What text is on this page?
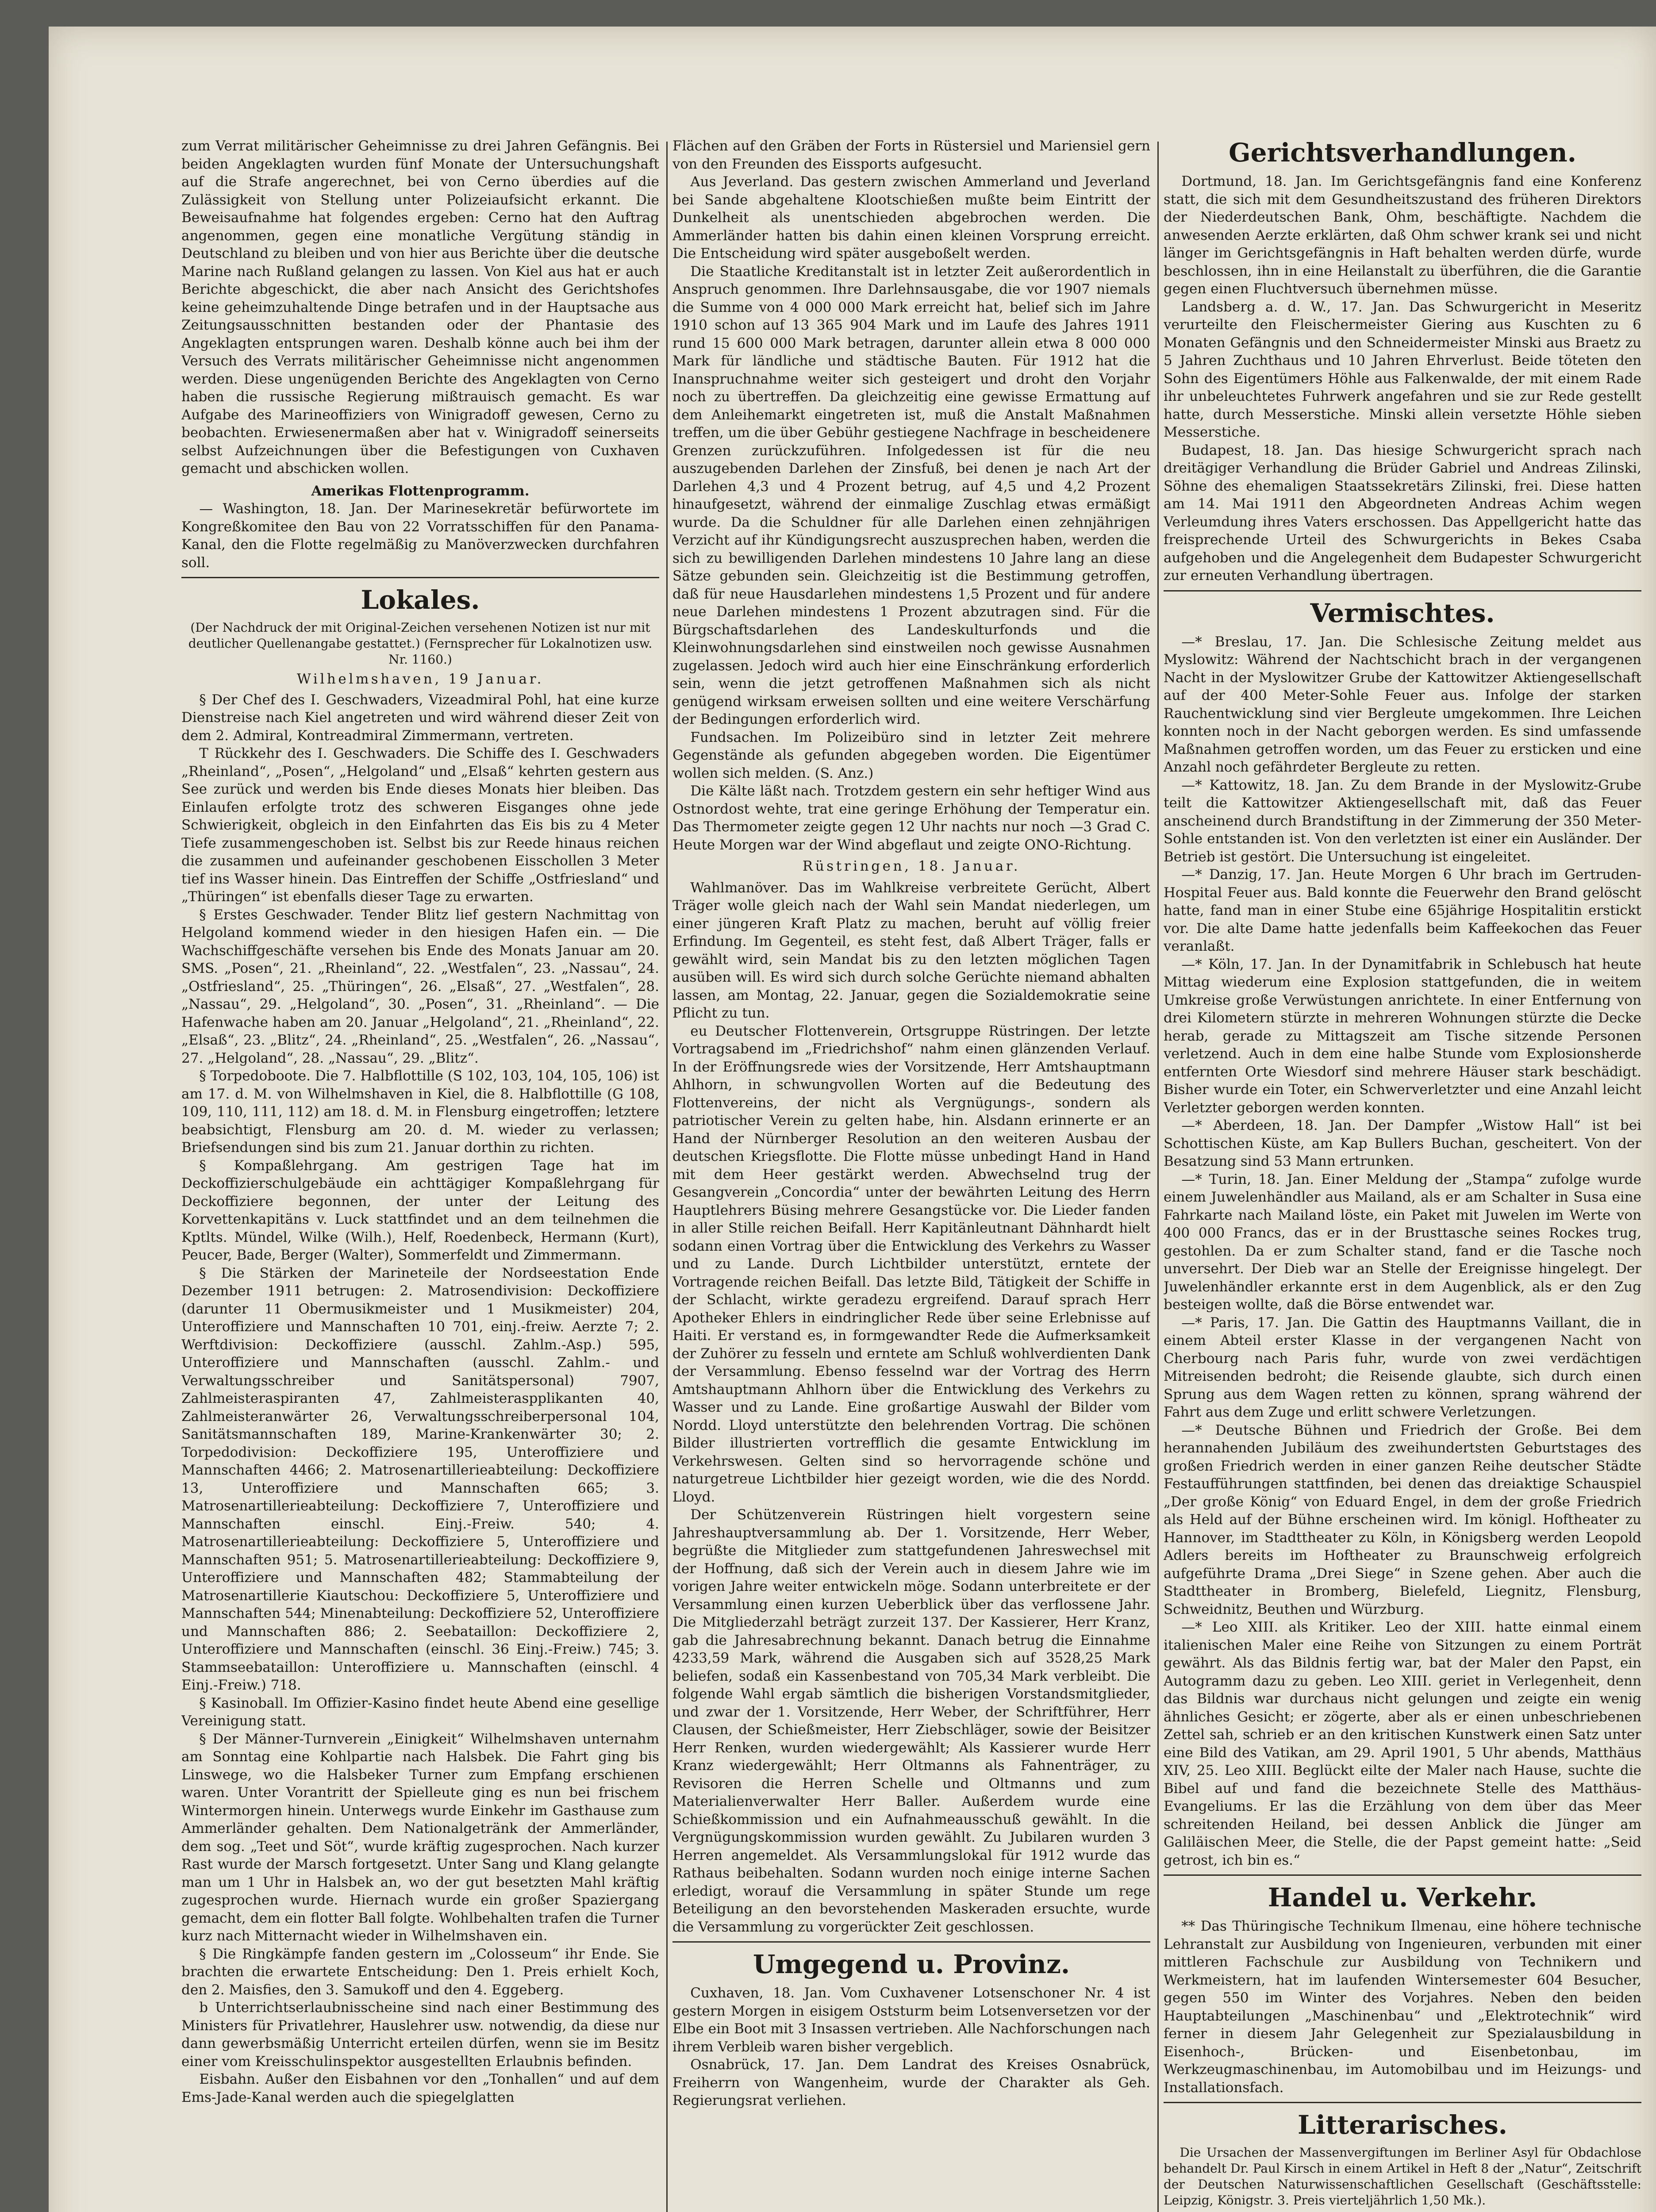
zum Verrat militärischer Geheimnisse zu drei Jahren Gefängnis. Bei beiden Angeklagten wurden fünf Monate der Untersuchungshaft auf die Strafe angerechnet, bei von Cerno überdies auf die Zulässigkeit von Stellung unter Polizeiaufsicht erkannt. Die Beweisaufnahme hat folgendes ergeben: Cerno hat den Auftrag angenommen, gegen eine monatliche Vergütung ständig in Deutschland zu bleiben und von hier aus Berichte über die deutsche Marine nach Rußland gelangen zu lassen. Von Kiel aus hat er auch Berichte abgeschickt, die aber nach Ansicht des Gerichtshofes keine geheimzuhaltende Dinge betrafen und in der Hauptsache aus Zeitungsausschnitten bestanden oder der Phantasie des Angeklagten entsprungen waren. Deshalb könne auch bei ihm der Versuch des Verrats militärischer Geheimnisse nicht angenommen werden. Diese ungenügenden Berichte des Angeklagten von Cerno haben die russische Regierung mißtrauisch gemacht. Es war Aufgabe des Marineoffiziers von Winigradoff gewesen, Cerno zu beobachten. Erwiesenermaßen aber hat v. Winigradoff seinerseits selbst Aufzeichnungen über die Befestigungen von Cuxhaven gemacht und abschicken wollen.

Amerikas Flottenprogramm.

— Washington, 18. Jan. Der Marinesekretär befürwortete im Kongreßkomitee den Bau von 22 Vorratsschiffen für den Panama-Kanal, den die Flotte regelmäßig zu Manöverzwecken durchfahren soll.

Lokales.

(Der Nachdruck der mit Original-Zeichen versehenen Notizen ist nur mit deutlicher Quellenangabe gestattet.) (Fernsprecher für Lokalnotizen usw. Nr. 1160.)

Wilhelmshaven, 19 Januar.

§ Der Chef des I. Geschwaders, Vizeadmiral Pohl, hat eine kurze Dienstreise nach Kiel angetreten und wird während dieser Zeit von dem 2. Admiral, Kontreadmiral Zimmermann, vertreten.

T Rückkehr des I. Geschwaders. Die Schiffe des I. Geschwaders „Rheinland“, „Posen“, „Helgoland“ und „Elsaß“ kehrten gestern aus See zurück und werden bis Ende dieses Monats hier bleiben. Das Einlaufen erfolgte trotz des schweren Eisganges ohne jede Schwierigkeit, obgleich in den Einfahrten das Eis bis zu 4 Meter Tiefe zusammengeschoben ist. Selbst bis zur Reede hinaus reichen die zusammen und aufeinander geschobenen Eisschollen 3 Meter tief ins Wasser hinein. Das Eintreffen der Schiffe „Ostfriesland“ und „Thüringen“ ist ebenfalls dieser Tage zu erwarten.

§ Erstes Geschwader. Tender Blitz lief gestern Nachmittag von Helgoland kommend wieder in den hiesigen Hafen ein. — Die Wachschiffgeschäfte versehen bis Ende des Monats Januar am 20. SMS. „Posen“, 21. „Rheinland“, 22. „Westfalen“, 23. „Nassau“, 24. „Ostfriesland“, 25. „Thüringen“, 26. „Elsaß“, 27. „Westfalen“, 28. „Nassau“, 29. „Helgoland“, 30. „Posen“, 31. „Rheinland“. — Die Hafenwache haben am 20. Januar „Helgoland“, 21. „Rheinland“, 22. „Elsaß“, 23. „Blitz“, 24. „Rheinland“, 25. „Westfalen“, 26. „Nassau“, 27. „Helgoland“, 28. „Nassau“, 29. „Blitz“.

§ Torpedoboote. Die 7. Halbflottille (S 102, 103, 104, 105, 106) ist am 17. d. M. von Wilhelmshaven in Kiel, die 8. Halbflottille (G 108, 109, 110, 111, 112) am 18. d. M. in Flensburg eingetroffen; letztere beabsichtigt, Flensburg am 20. d. M. wieder zu verlassen; Briefsendungen sind bis zum 21. Januar dorthin zu richten.

§ Kompaßlehrgang. Am gestrigen Tage hat im Deckoffizierschulgebäude ein achttägiger Kompaßlehrgang für Deckoffiziere begonnen, der unter der Leitung des Korvettenkapitäns v. Luck stattfindet und an dem teilnehmen die Kptlts. Mündel, Wilke (Wilh.), Helf, Roedenbeck, Hermann (Kurt), Peucer, Bade, Berger (Walter), Sommerfeldt und Zimmermann.

§ Die Stärken der Marineteile der Nordseestation Ende Dezember 1911 betrugen: 2. Matrosendivision: Deckoffiziere (darunter 11 Obermusikmeister und 1 Musikmeister) 204, Unteroffiziere und Mannschaften 10 701, einj.-freiw. Aerzte 7; 2. Werftdivision: Deckoffiziere (ausschl. Zahlm.-Asp.) 595, Unteroffiziere und Mannschaften (ausschl. Zahlm.- und Verwaltungsschreiber und Sanitätspersonal) 7907, Zahlmeisteraspiranten 47, Zahlmeisteraspplikanten 40, Zahlmeisteranwärter 26, Verwaltungsschreiberpersonal 104, Sanitätsmannschaften 189, Marine-Krankenwärter 30; 2. Torpedodivision: Deckoffiziere 195, Unteroffiziere und Mannschaften 4466; 2. Matrosenartillerieabteilung: Deckoffiziere 13, Unteroffiziere und Mannschaften 665; 3. Matrosenartillerieabteilung: Deckoffiziere 7, Unteroffiziere und Mannschaften einschl. Einj.-Freiw. 540; 4. Matrosenartillerieabteilung: Deckoffiziere 5, Unteroffiziere und Mannschaften 951; 5. Matrosenartillerieabteilung: Deckoffiziere 9, Unteroffiziere und Mannschaften 482; Stammabteilung der Matrosenartillerie Kiautschou: Deckoffiziere 5, Unteroffiziere und Mannschaften 544; Minenabteilung: Deckoffiziere 52, Unteroffiziere und Mannschaften 886; 2. Seebataillon: Deckoffiziere 2, Unteroffiziere und Mannschaften (einschl. 36 Einj.-Freiw.) 745; 3. Stammseebataillon: Unteroffiziere u. Mannschaften (einschl. 4 Einj.-Freiw.) 718.

§ Kasinoball. Im Offizier-Kasino findet heute Abend eine gesellige Vereinigung statt.

§ Der Männer-Turnverein „Einigkeit“ Wilhelmshaven unternahm am Sonntag eine Kohlpartie nach Halsbek. Die Fahrt ging bis Linswege, wo die Halsbeker Turner zum Empfang erschienen waren. Unter Vorantritt der Spielleute ging es nun bei frischem Wintermorgen hinein. Unterwegs wurde Einkehr im Gasthause zum Ammerländer gehalten. Dem Nationalgetränk der Ammerländer, dem sog. „Teet und Söt“, wurde kräftig zugesprochen. Nach kurzer Rast wurde der Marsch fortgesetzt. Unter Sang und Klang gelangte man um 1 Uhr in Halsbek an, wo der gut besetzten Mahl kräftig zugesprochen wurde. Hiernach wurde ein großer Spaziergang gemacht, dem ein flotter Ball folgte. Wohlbehalten trafen die Turner kurz nach Mitternacht wieder in Wilhelmshaven ein.

§ Die Ringkämpfe fanden gestern im „Colosseum“ ihr Ende. Sie brachten die erwartete Entscheidung: Den 1. Preis erhielt Koch, den 2. Maisfies, den 3. Samukoff und den 4. Eggeberg.

b Unterrichtserlaubnisscheine sind nach einer Bestimmung des Ministers für Privatlehrer, Hauslehrer usw. notwendig, da diese nur dann gewerbsmäßig Unterricht erteilen dürfen, wenn sie im Besitz einer vom Kreisschulinspektor ausgestellten Erlaubnis befinden.

Eisbahn. Außer den Eisbahnen vor den „Tonhallen“ und auf dem Ems-Jade-Kanal werden auch die spiegelglatten

Flächen auf den Gräben der Forts in Rüstersiel und Mariensiel gern von den Freunden des Eissports aufgesucht.

Aus Jeverland. Das gestern zwischen Ammerland und Jeverland bei Sande abgehaltene Klootschießen mußte beim Eintritt der Dunkelheit als unentschieden abgebrochen werden. Die Ammerländer hatten bis dahin einen kleinen Vorsprung erreicht. Die Entscheidung wird später ausgeboßelt werden.

Die Staatliche Kreditanstalt ist in letzter Zeit außerordentlich in Anspruch genommen. Ihre Darlehnsausgabe, die vor 1907 niemals die Summe von 4 000 000 Mark erreicht hat, belief sich im Jahre 1910 schon auf 13 365 904 Mark und im Laufe des Jahres 1911 rund 15 600 000 Mark betragen, darunter allein etwa 8 000 000 Mark für ländliche und städtische Bauten. Für 1912 hat die Inanspruchnahme weiter sich gesteigert und droht den Vorjahr noch zu übertreffen. Da gleichzeitig eine gewisse Ermattung auf dem Anleihemarkt eingetreten ist, muß die Anstalt Maßnahmen treffen, um die über Gebühr gestiegene Nachfrage in bescheidenere Grenzen zurückzuführen. Infolgedessen ist für die neu auszugebenden Darlehen der Zinsfuß, bei denen je nach Art der Darlehen 4,3 und 4 Prozent betrug, auf 4,5 und 4,2 Prozent hinaufgesetzt, während der einmalige Zuschlag etwas ermäßigt wurde. Da die Schuldner für alle Darlehen einen zehnjährigen Verzicht auf ihr Kündigungsrecht auszusprechen haben, werden die sich zu bewilligenden Darlehen mindestens 10 Jahre lang an diese Sätze gebunden sein. Gleichzeitig ist die Bestimmung getroffen, daß für neue Hausdarlehen mindestens 1,5 Prozent und für andere neue Darlehen mindestens 1 Prozent abzutragen sind. Für die Bürgschaftsdarlehen des Landeskulturfonds und die Kleinwohnungsdarlehen sind einstweilen noch gewisse Ausnahmen zugelassen. Jedoch wird auch hier eine Einschränkung erforderlich sein, wenn die jetzt getroffenen Maßnahmen sich als nicht genügend wirksam erweisen sollten und eine weitere Verschärfung der Bedingungen erforderlich wird.

Fundsachen. Im Polizeibüro sind in letzter Zeit mehrere Gegenstände als gefunden abgegeben worden. Die Eigentümer wollen sich melden. (S. Anz.)

Die Kälte läßt nach. Trotzdem gestern ein sehr heftiger Wind aus Ostnordost wehte, trat eine geringe Erhöhung der Temperatur ein. Das Thermometer zeigte gegen 12 Uhr nachts nur noch —3 Grad C. Heute Morgen war der Wind abgeflaut und zeigte ONO-Richtung.

Rüstringen, 18. Januar.

Wahlmanöver. Das im Wahlkreise verbreitete Gerücht, Albert Träger wolle gleich nach der Wahl sein Mandat niederlegen, um einer jüngeren Kraft Platz zu machen, beruht auf völlig freier Erfindung. Im Gegenteil, es steht fest, daß Albert Träger, falls er gewählt wird, sein Mandat bis zu den letzten möglichen Tagen ausüben will. Es wird sich durch solche Gerüchte niemand abhalten lassen, am Montag, 22. Januar, gegen die Sozialdemokratie seine Pflicht zu tun.

eu Deutscher Flottenverein, Ortsgruppe Rüstringen. Der letzte Vortragsabend im „Friedrichshof“ nahm einen glänzenden Verlauf. In der Eröffnungsrede wies der Vorsitzende, Herr Amtshauptmann Ahlhorn, in schwungvollen Worten auf die Bedeutung des Flottenvereins, der nicht als Vergnügungs-, sondern als patriotischer Verein zu gelten habe, hin. Alsdann erinnerte er an Hand der Nürnberger Resolution an den weiteren Ausbau der deutschen Kriegsflotte. Die Flotte müsse unbedingt Hand in Hand mit dem Heer gestärkt werden. Abwechselnd trug der Gesangverein „Concordia“ unter der bewährten Leitung des Herrn Hauptlehrers Büsing mehrere Gesangstücke vor. Die Lieder fanden in aller Stille reichen Beifall. Herr Kapitänleutnant Dähnhardt hielt sodann einen Vortrag über die Entwicklung des Verkehrs zu Wasser und zu Lande. Durch Lichtbilder unterstützt, erntete der Vortragende reichen Beifall. Das letzte Bild, Tätigkeit der Schiffe in der Schlacht, wirkte geradezu ergreifend. Darauf sprach Herr Apotheker Ehlers in eindringlicher Rede über seine Erlebnisse auf Haiti. Er verstand es, in formgewandter Rede die Aufmerksamkeit der Zuhörer zu fesseln und erntete am Schluß wohlverdienten Dank der Versammlung. Ebenso fesselnd war der Vortrag des Herrn Amtshauptmann Ahlhorn über die Entwicklung des Verkehrs zu Wasser und zu Lande. Eine großartige Auswahl der Bilder vom Nordd. Lloyd unterstützte den belehrenden Vortrag. Die schönen Bilder illustrierten vortrefflich die gesamte Entwicklung im Verkehrswesen. Gelten sind so hervorragende schöne und naturgetreue Lichtbilder hier gezeigt worden, wie die des Nordd. Lloyd.

Der Schützenverein Rüstringen hielt vorgestern seine Jahreshauptversammlung ab. Der 1. Vorsitzende, Herr Weber, begrüßte die Mitglieder zum stattgefundenen Jahreswechsel mit der Hoffnung, daß sich der Verein auch in diesem Jahre wie im vorigen Jahre weiter entwickeln möge. Sodann unterbreitete er der Versammlung einen kurzen Ueberblick über das verflossene Jahr. Die Mitgliederzahl beträgt zurzeit 137. Der Kassierer, Herr Kranz, gab die Jahresabrechnung bekannt. Danach betrug die Einnahme 4233,59 Mark, während die Ausgaben sich auf 3528,25 Mark beliefen, sodaß ein Kassenbestand von 705,34 Mark verbleibt. Die folgende Wahl ergab sämtlich die bisherigen Vorstandsmitglieder, und zwar der 1. Vorsitzende, Herr Weber, der Schriftführer, Herr Clausen, der Schießmeister, Herr Ziebschläger, sowie der Beisitzer Herr Renken, wurden wiedergewählt; Als Kassierer wurde Herr Kranz wiedergewählt; Herr Oltmanns als Fahnenträger, zu Revisoren die Herren Schelle und Oltmanns und zum Materialienverwalter Herr Baller. Außerdem wurde eine Schießkommission und ein Aufnahmeausschuß gewählt. In die Vergnügungskommission wurden gewählt. Zu Jubilaren wurden 3 Herren angemeldet. Als Versammlungslokal für 1912 wurde das Rathaus beibehalten. Sodann wurden noch einige interne Sachen erledigt, worauf die Versammlung in später Stunde um rege Beteiligung an den bevorstehenden Maskeraden ersuchte, wurde die Versammlung zu vorgerückter Zeit geschlossen.

Umgegend u. Provinz.

Cuxhaven, 18. Jan. Vom Cuxhavener Lotsenschoner Nr. 4 ist gestern Morgen in eisigem Oststurm beim Lotsenversetzen vor der Elbe ein Boot mit 3 Insassen vertrieben. Alle Nachforschungen nach ihrem Verbleib waren bisher vergeblich.

Osnabrück, 17. Jan. Dem Landrat des Kreises Osnabrück, Freiherrn von Wangenheim, wurde der Charakter als Geh. Regierungsrat verliehen.

Gerichtsverhandlungen.

Dortmund, 18. Jan. Im Gerichtsgefängnis fand eine Konferenz statt, die sich mit dem Gesundheitszustand des früheren Direktors der Niederdeutschen Bank, Ohm, beschäftigte. Nachdem die anwesenden Aerzte erklärten, daß Ohm schwer krank sei und nicht länger im Gerichtsgefängnis in Haft behalten werden dürfe, wurde beschlossen, ihn in eine Heilanstalt zu überführen, die die Garantie gegen einen Fluchtversuch übernehmen müsse.

Landsberg a. d. W., 17. Jan. Das Schwurgericht in Meseritz verurteilte den Fleischermeister Giering aus Kuschten zu 6 Monaten Gefängnis und den Schneidermeister Minski aus Braetz zu 5 Jahren Zuchthaus und 10 Jahren Ehrverlust. Beide töteten den Sohn des Eigentümers Höhle aus Falkenwalde, der mit einem Rade ihr unbeleuchtetes Fuhrwerk angefahren und sie zur Rede gestellt hatte, durch Messerstiche. Minski allein versetzte Höhle sieben Messerstiche.

Budapest, 18. Jan. Das hiesige Schwurgericht sprach nach dreitägiger Verhandlung die Brüder Gabriel und Andreas Zilinski, Söhne des ehemaligen Staatssekretärs Zilinski, frei. Diese hatten am 14. Mai 1911 den Abgeordneten Andreas Achim wegen Verleumdung ihres Vaters erschossen. Das Appellgericht hatte das freisprechende Urteil des Schwurgerichts in Bekes Csaba aufgehoben und die Angelegenheit dem Budapester Schwurgericht zur erneuten Verhandlung übertragen.

Vermischtes.

—* Breslau, 17. Jan. Die Schlesische Zeitung meldet aus Myslowitz: Während der Nachtschicht brach in der vergangenen Nacht in der Myslowitzer Grube der Kattowitzer Aktiengesellschaft auf der 400 Meter-Sohle Feuer aus. Infolge der starken Rauchentwicklung sind vier Bergleute umgekommen. Ihre Leichen konnten noch in der Nacht geborgen werden. Es sind umfassende Maßnahmen getroffen worden, um das Feuer zu ersticken und eine Anzahl noch gefährdeter Bergleute zu retten.

—* Kattowitz, 18. Jan. Zu dem Brande in der Myslowitz-Grube teilt die Kattowitzer Aktiengesellschaft mit, daß das Feuer anscheinend durch Brandstiftung in der Zimmerung der 350 Meter-Sohle entstanden ist. Von den verletzten ist einer ein Ausländer. Der Betrieb ist gestört. Die Untersuchung ist eingeleitet.

—* Danzig, 17. Jan. Heute Morgen 6 Uhr brach im Gertruden-Hospital Feuer aus. Bald konnte die Feuerwehr den Brand gelöscht hatte, fand man in einer Stube eine 65jährige Hospitalitin erstickt vor. Die alte Dame hatte jedenfalls beim Kaffeekochen das Feuer veranlaßt.

—* Köln, 17. Jan. In der Dynamitfabrik in Schlebusch hat heute Mittag wiederum eine Explosion stattgefunden, die in weitem Umkreise große Verwüstungen anrichtete. In einer Entfernung von drei Kilometern stürzte in mehreren Wohnungen stürzte die Decke herab, gerade zu Mittagszeit am Tische sitzende Personen verletzend. Auch in dem eine halbe Stunde vom Explosionsherde entfernten Orte Wiesdorf sind mehrere Häuser stark beschädigt. Bisher wurde ein Toter, ein Schwerverletzter und eine Anzahl leicht Verletzter geborgen werden konnten.

—* Aberdeen, 18. Jan. Der Dampfer „Wistow Hall“ ist bei Schottischen Küste, am Kap Bullers Buchan, gescheitert. Von der Besatzung sind 53 Mann ertrunken.

—* Turin, 18. Jan. Einer Meldung der „Stampa“ zufolge wurde einem Juwelenhändler aus Mailand, als er am Schalter in Susa eine Fahrkarte nach Mailand löste, ein Paket mit Juwelen im Werte von 400 000 Francs, das er in der Brusttasche seines Rockes trug, gestohlen. Da er zum Schalter stand, fand er die Tasche noch unversehrt. Der Dieb war an Stelle der Ereignisse hingelegt. Der Juwelenhändler erkannte erst in dem Augenblick, als er den Zug besteigen wollte, daß die Börse entwendet war.

—* Paris, 17. Jan. Die Gattin des Hauptmanns Vaillant, die in einem Abteil erster Klasse in der vergangenen Nacht von Cherbourg nach Paris fuhr, wurde von zwei verdächtigen Mitreisenden bedroht; die Reisende glaubte, sich durch einen Sprung aus dem Wagen retten zu können, sprang während der Fahrt aus dem Zuge und erlitt schwere Verletzungen.

—* Deutsche Bühnen und Friedrich der Große. Bei dem herannahenden Jubiläum des zweihundertsten Geburtstages des großen Friedrich werden in einer ganzen Reihe deutscher Städte Festaufführungen stattfinden, bei denen das dreiaktige Schauspiel „Der große König“ von Eduard Engel, in dem der große Friedrich als Held auf der Bühne erscheinen wird. Im königl. Hoftheater zu Hannover, im Stadttheater zu Köln, in Königsberg werden Leopold Adlers bereits im Hoftheater zu Braunschweig erfolgreich aufgeführte Drama „Drei Siege“ in Szene gehen. Aber auch die Stadttheater in Bromberg, Bielefeld, Liegnitz, Flensburg, Schweidnitz, Beuthen und Würzburg.

—* Leo XIII. als Kritiker. Leo der XIII. hatte einmal einem italienischen Maler eine Reihe von Sitzungen zu einem Porträt gewährt. Als das Bildnis fertig war, bat der Maler den Papst, ein Autogramm dazu zu geben. Leo XIII. geriet in Verlegenheit, denn das Bildnis war durchaus nicht gelungen und zeigte ein wenig ähnliches Gesicht; er zögerte, aber als er einen unbeschriebenen Zettel sah, schrieb er an den kritischen Kunstwerk einen Satz unter eine Bild des Vatikan, am 29. April 1901, 5 Uhr abends, Matthäus XIV, 25. Leo XIII. Beglückt eilte der Maler nach Hause, suchte die Bibel auf und fand die bezeichnete Stelle des Matthäus-Evangeliums. Er las die Erzählung von dem über das Meer schreitenden Heiland, bei dessen Anblick die Jünger am Galiläischen Meer, die Stelle, die der Papst gemeint hatte: „Seid getrost, ich bin es.“

Handel u. Verkehr.

** Das Thüringische Technikum Ilmenau, eine höhere technische Lehranstalt zur Ausbildung von Ingenieuren, verbunden mit einer mittleren Fachschule zur Ausbildung von Technikern und Werkmeistern, hat im laufenden Wintersemester 604 Besucher, gegen 550 im Winter des Vorjahres. Neben den beiden Hauptabteilungen „Maschinenbau“ und „Elektrotechnik“ wird ferner in diesem Jahr Gelegenheit zur Spezialausbildung in Eisenhoch-, Brücken- und Eisenbetonbau, im Werkzeugmaschinenbau, im Automobilbau und im Heizungs- und Installationsfach.

Litterarisches.

Die Ursachen der Massenvergiftungen im Berliner Asyl für Obdachlose behandelt Dr. Paul Kirsch in einem Artikel in Heft 8 der „Natur“, Zeitschrift der Deutschen Naturwissenschaftlichen Gesellschaft (Geschäftsstelle: Leipzig, Königstr. 3. Preis vierteljährlich 1,50 Mk.).
